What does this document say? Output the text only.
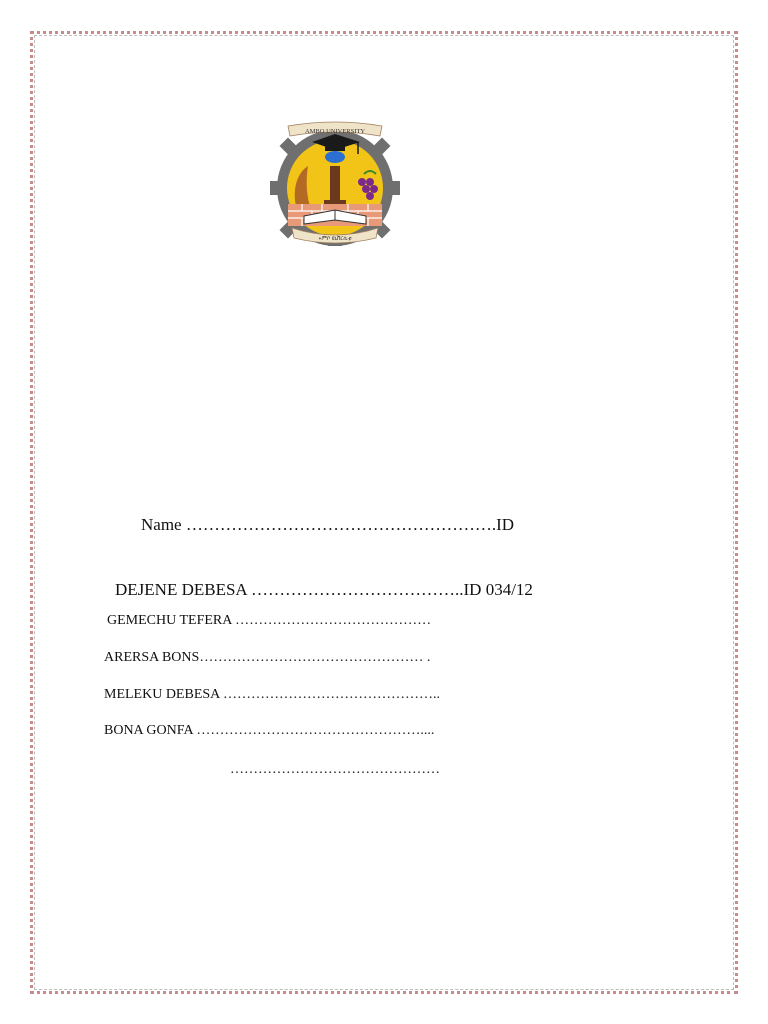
AMBO UNIVERSITY
ኣምቦ ዩኒቨርሲቲ
Name ……………………………………………….ID
DEJENE DEBESA ………………………………..ID 034/12
GEMECHU TEFERA ……………………………………
ARERSA BONS………………………………………… .
MELEKU DEBESA ………………………………………..
BONA GONFA …………………………………………....
………………………………………
